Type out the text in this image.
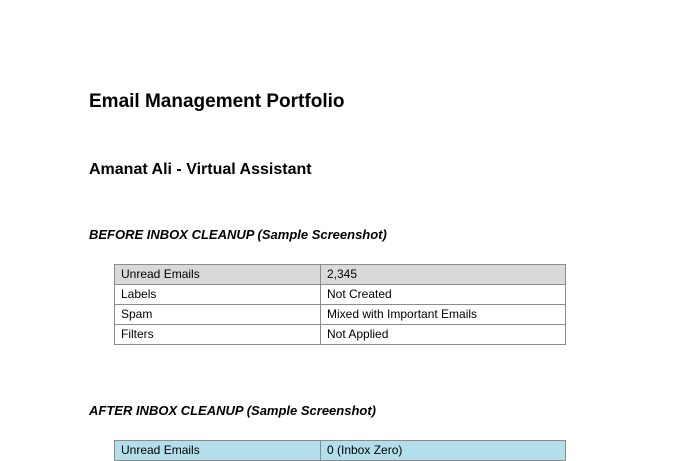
Email Management Portfolio
Amanat Ali - Virtual Assistant
BEFORE INBOX CLEANUP (Sample Screenshot)
Unread Emails	2,345
Labels	Not Created
Spam	Mixed with Important Emails
Filters	Not Applied
AFTER INBOX CLEANUP (Sample Screenshot)
Unread Emails	0 (Inbox Zero)
